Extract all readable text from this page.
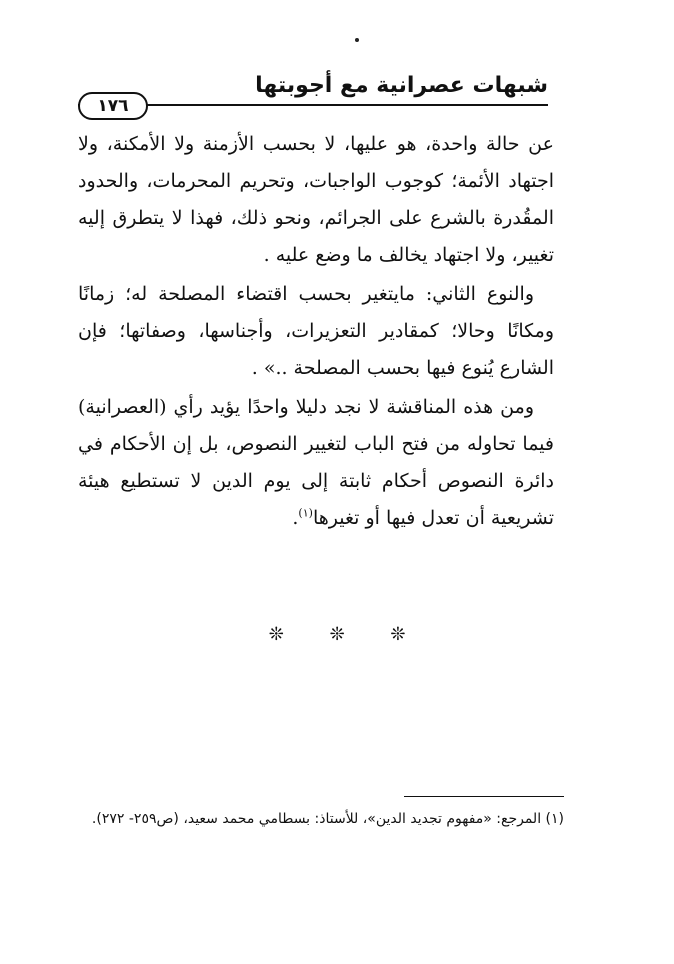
شبهات عصرانية مع أجوبتها
١٧٦

عن حالة واحدة، هو عليها، لا بحسب الأزمنة ولا الأمكنة، ولا اجتهاد الأئمة؛ كوجوب الواجبات، وتحريم المحرمات، والحدود المقُدرة بالشرع على الجرائم، ونحو ذلك، فهذا لا يتطرق إليه تغيير، ولا اجتهاد يخالف ما وضع عليه .

والنوع الثاني: مايتغير بحسب اقتضاء المصلحة له؛ زمانًا ومكانًا وحالا؛ كمقادير التعزيرات، وأجناسها، وصفاتها؛ فإن الشارع يُنوع فيها بحسب المصلحة ..» .

ومن هذه المناقشة لا نجد دليلا واحدًا يؤيد رأي (العصرانية) فيما تحاوله من فتح الباب لتغيير النصوص، بل إن الأحكام في دائرة النصوص أحكام ثابتة إلى يوم الدين لا تستطيع هيئة تشريعية أن تعدل فيها أو تغيرها$^{(١)}$.

❊ ❊ ❊
(١) المرجع: «مفهوم تجديد الدين»، للأستاذ: بسطامي محمد سعيد، (ص٢٥٩- ٢٧٢).
